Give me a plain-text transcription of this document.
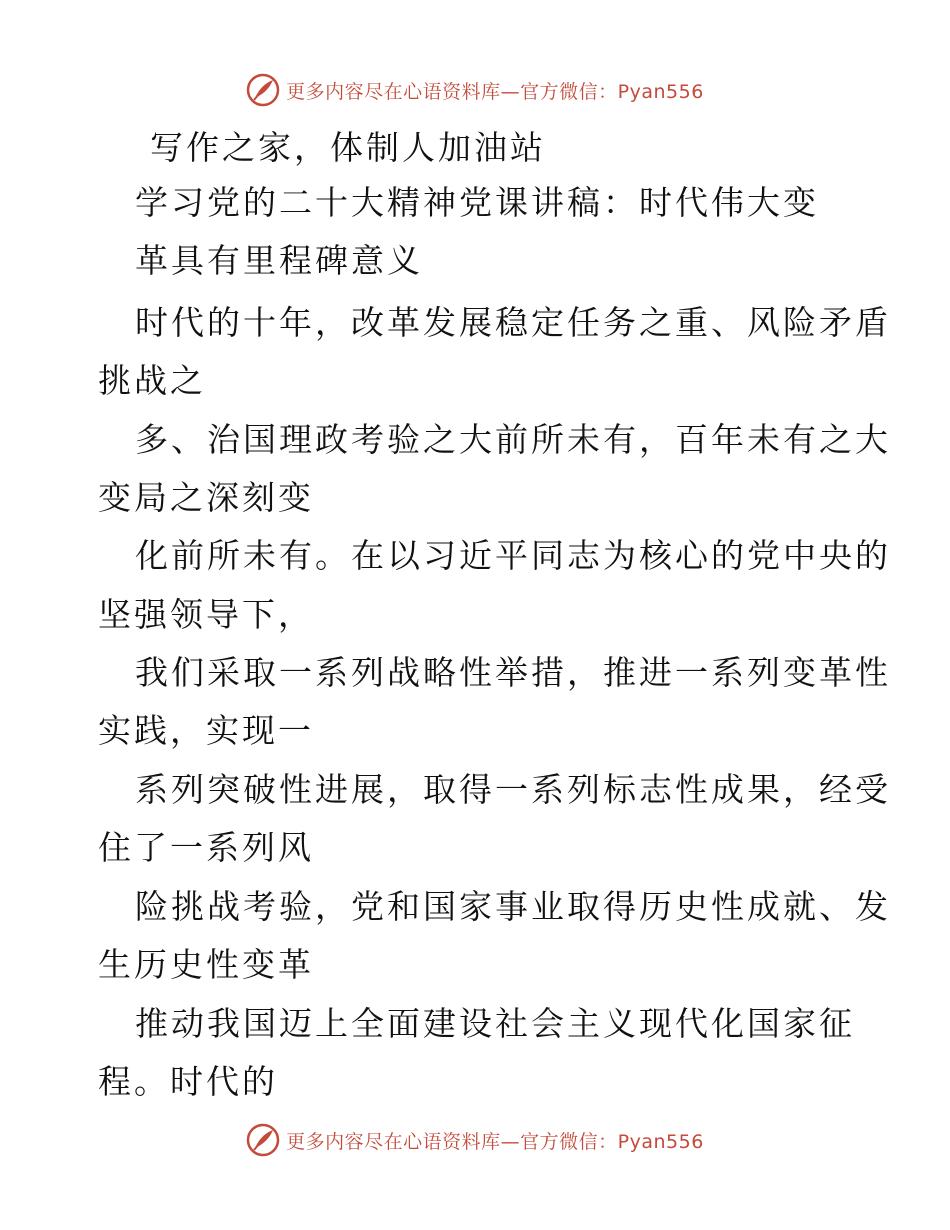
更多内容尽在心语资料库—官方微信：Pyan556
写作之家，体制人加油站
学习党的二十大精神党课讲稿：时代伟大变
革具有里程碑意义
时代的十年，改革发展稳定任务之重、风险矛盾
挑战之
多、治国理政考验之大前所未有，百年未有之大
变局之深刻变
化前所未有。在以习近平同志为核心的党中央的
坚强领导下，
我们采取一系列战略性举措，推进一系列变革性
实践，实现一
系列突破性进展，取得一系列标志性成果，经受
住了一系列风
险挑战考验，党和国家事业取得历史性成就、发
生历史性变革
推动我国迈上全面建设社会主义现代化国家征
程。时代的
更多内容尽在心语资料库—官方微信：Pyan556
